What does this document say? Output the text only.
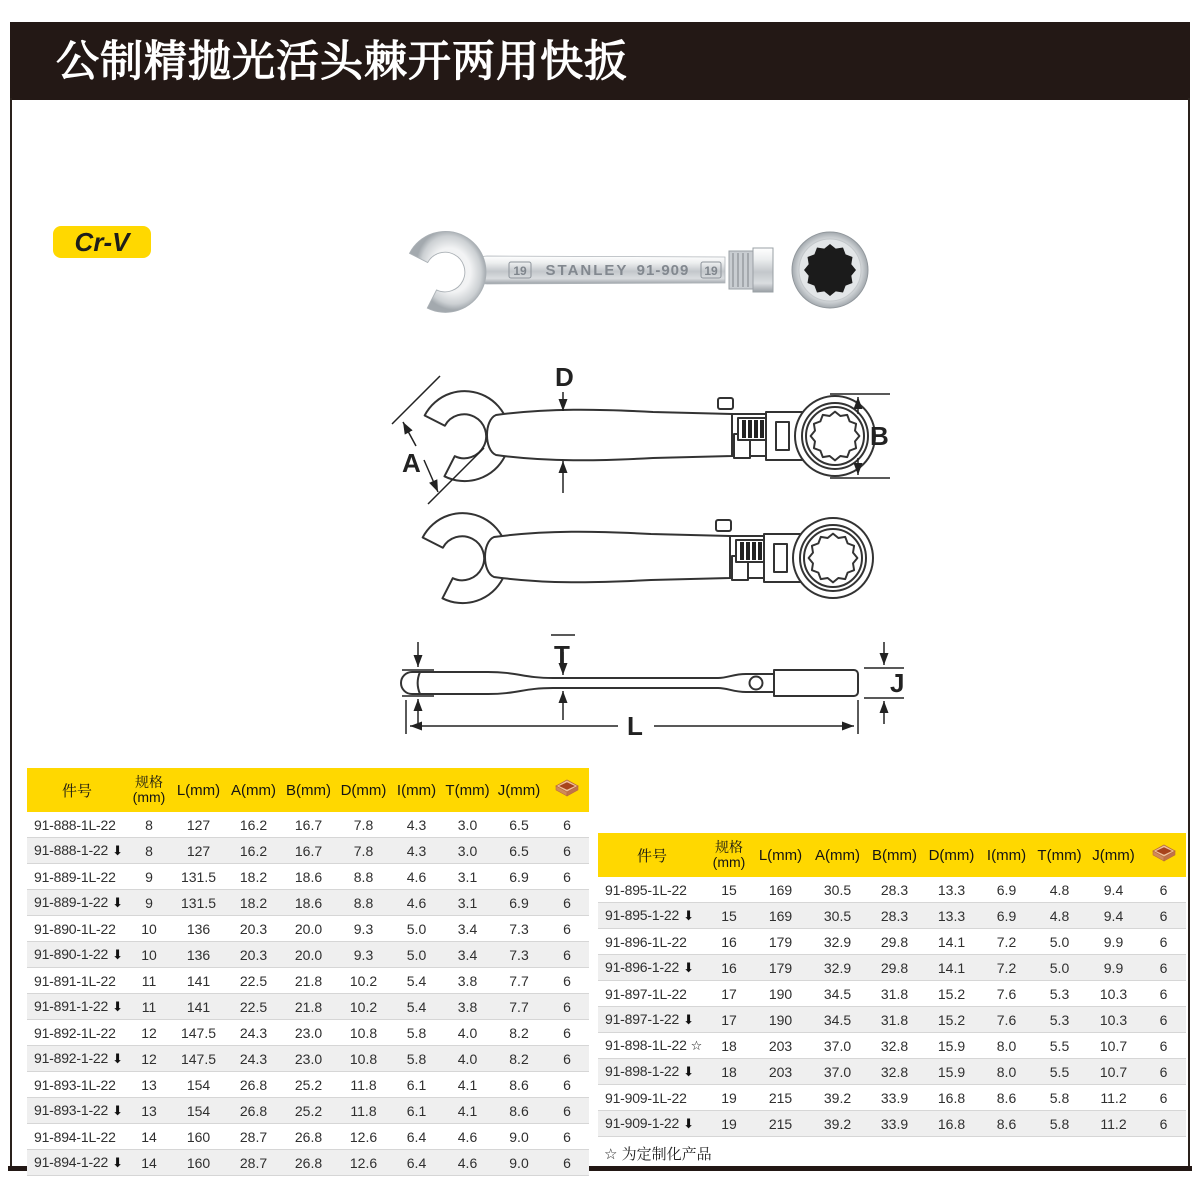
公制精抛光活头棘开两用快扳
Cr-V
19 STANLEY 91-909 19
D
A
B
T
J
L
件号	规格
(mm)	L(mm)	A(mm)	B(mm)	D(mm)	I(mm)	T(mm)	J(mm)	
91-888-1L-22	8	127	16.2	16.7	7.8	4.3	3.0	6.5	6
91-888-1-22 ⬇	8	127	16.2	16.7	7.8	4.3	3.0	6.5	6
91-889-1L-22	9	131.5	18.2	18.6	8.8	4.6	3.1	6.9	6
91-889-1-22 ⬇	9	131.5	18.2	18.6	8.8	4.6	3.1	6.9	6
91-890-1L-22	10	136	20.3	20.0	9.3	5.0	3.4	7.3	6
91-890-1-22 ⬇	10	136	20.3	20.0	9.3	5.0	3.4	7.3	6
91-891-1L-22	11	141	22.5	21.8	10.2	5.4	3.8	7.7	6
91-891-1-22 ⬇	11	141	22.5	21.8	10.2	5.4	3.8	7.7	6
91-892-1L-22	12	147.5	24.3	23.0	10.8	5.8	4.0	8.2	6
91-892-1-22 ⬇	12	147.5	24.3	23.0	10.8	5.8	4.0	8.2	6
91-893-1L-22	13	154	26.8	25.2	11.8	6.1	4.1	8.6	6
91-893-1-22 ⬇	13	154	26.8	25.2	11.8	6.1	4.1	8.6	6
91-894-1L-22	14	160	28.7	26.8	12.6	6.4	4.6	9.0	6
91-894-1-22 ⬇	14	160	28.7	26.8	12.6	6.4	4.6	9.0	6
件号	规格
(mm)	L(mm)	A(mm)	B(mm)	D(mm)	I(mm)	T(mm)	J(mm)	
91-895-1L-22	15	169	30.5	28.3	13.3	6.9	4.8	9.4	6
91-895-1-22 ⬇	15	169	30.5	28.3	13.3	6.9	4.8	9.4	6
91-896-1L-22	16	179	32.9	29.8	14.1	7.2	5.0	9.9	6
91-896-1-22 ⬇	16	179	32.9	29.8	14.1	7.2	5.0	9.9	6
91-897-1L-22	17	190	34.5	31.8	15.2	7.6	5.3	10.3	6
91-897-1-22 ⬇	17	190	34.5	31.8	15.2	7.6	5.3	10.3	6
91-898-1L-22 ☆	18	203	37.0	32.8	15.9	8.0	5.5	10.7	6
91-898-1-22 ⬇	18	203	37.0	32.8	15.9	8.0	5.5	10.7	6
91-909-1L-22	19	215	39.2	33.9	16.8	8.6	5.8	11.2	6
91-909-1-22 ⬇	19	215	39.2	33.9	16.8	8.6	5.8	11.2	6
☆ 为定制化产品
